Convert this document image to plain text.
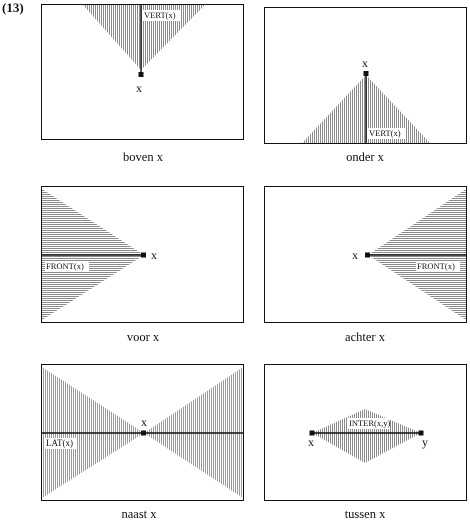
(13)	VERT(x)
x
boven x
VERT(x)
x
onder x
FRONT(x)
x
voor x
FRONT(x)
x
achter x
LAT(x)
x
naast x
INTER(x,y)
x	y
tussen x
